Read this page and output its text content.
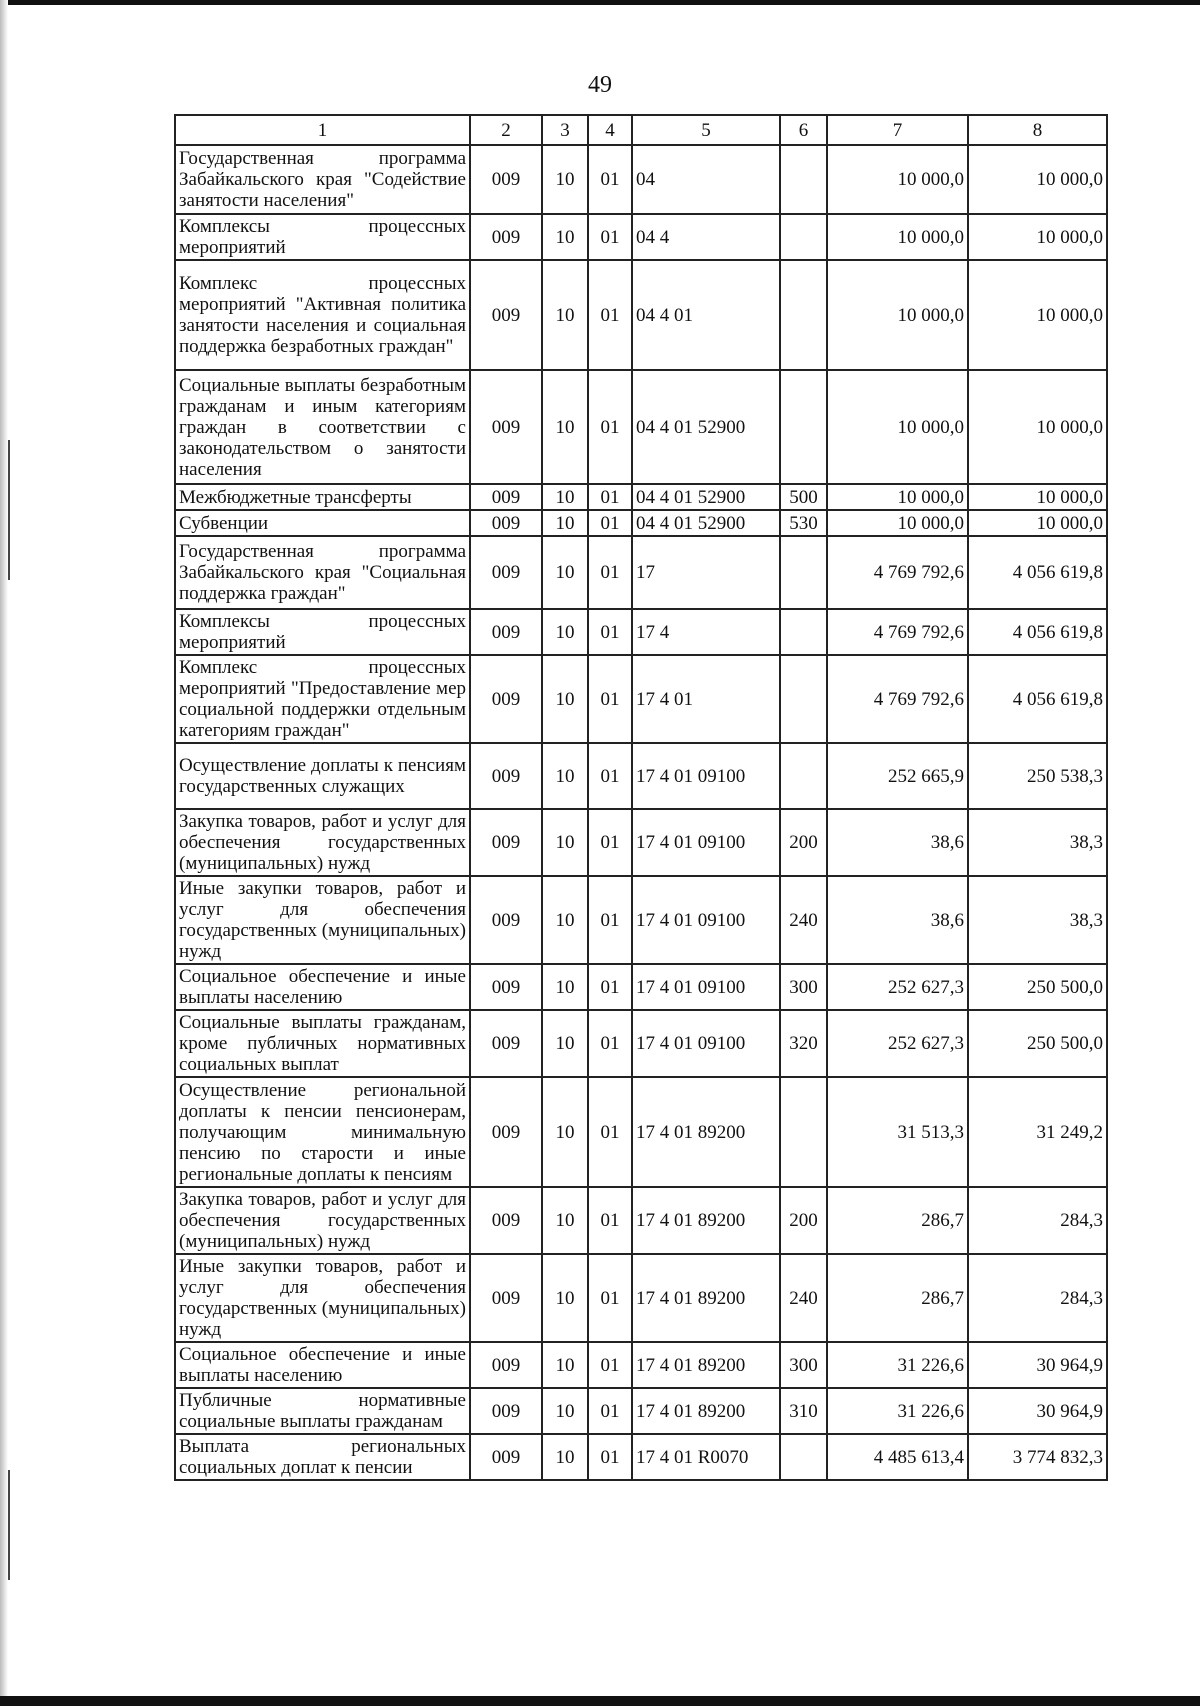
49
1	2	3	4	5	6	7	8
Государственная программа Забайкальского края "Содействие занятости населения"	009	10	01	04		10 000,0	10 000,0
Комплексы процессных мероприятий	009	10	01	04 4		10 000,0	10 000,0
Комплекс процессных мероприятий "Активная политика занятости населения и социальная поддержка безработных граждан"	009	10	01	04 4 01		10 000,0	10 000,0
Социальные выплаты безработным гражданам и иным категориям граждан в соответствии с законодательством о занятости населения	009	10	01	04 4 01 52900		10 000,0	10 000,0
Межбюджетные трансферты	009	10	01	04 4 01 52900	500	10 000,0	10 000,0
Субвенции	009	10	01	04 4 01 52900	530	10 000,0	10 000,0
Государственная программа Забайкальского края "Социальная поддержка граждан"	009	10	01	17		4 769 792,6	4 056 619,8
Комплексы процессных мероприятий	009	10	01	17 4		4 769 792,6	4 056 619,8
Комплекс процессных мероприятий "Предоставление мер социальной поддержки отдельным категориям граждан"	009	10	01	17 4 01		4 769 792,6	4 056 619,8
Осуществление доплаты к пенсиям государственных служащих	009	10	01	17 4 01 09100		252 665,9	250 538,3
Закупка товаров, работ и услуг для обеспечения государственных (муниципальных) нужд	009	10	01	17 4 01 09100	200	38,6	38,3
Иные закупки товаров, работ и услуг для обеспечения государственных (муниципальных) нужд	009	10	01	17 4 01 09100	240	38,6	38,3
Социальное обеспечение и иные выплаты населению	009	10	01	17 4 01 09100	300	252 627,3	250 500,0
Социальные выплаты гражданам, кроме публичных нормативных социальных выплат	009	10	01	17 4 01 09100	320	252 627,3	250 500,0
Осуществление региональной доплаты к пенсии пенсионерам, получающим минимальную пенсию по старости и иные региональные доплаты к пенсиям	009	10	01	17 4 01 89200		31 513,3	31 249,2
Закупка товаров, работ и услуг для обеспечения государственных (муниципальных) нужд	009	10	01	17 4 01 89200	200	286,7	284,3
Иные закупки товаров, работ и услуг для обеспечения государственных (муниципальных) нужд	009	10	01	17 4 01 89200	240	286,7	284,3
Социальное обеспечение и иные выплаты населению	009	10	01	17 4 01 89200	300	31 226,6	30 964,9
Публичные нормативные социальные выплаты гражданам	009	10	01	17 4 01 89200	310	31 226,6	30 964,9
Выплата региональных социальных доплат к пенсии	009	10	01	17 4 01 R0070		4 485 613,4	3 774 832,3
